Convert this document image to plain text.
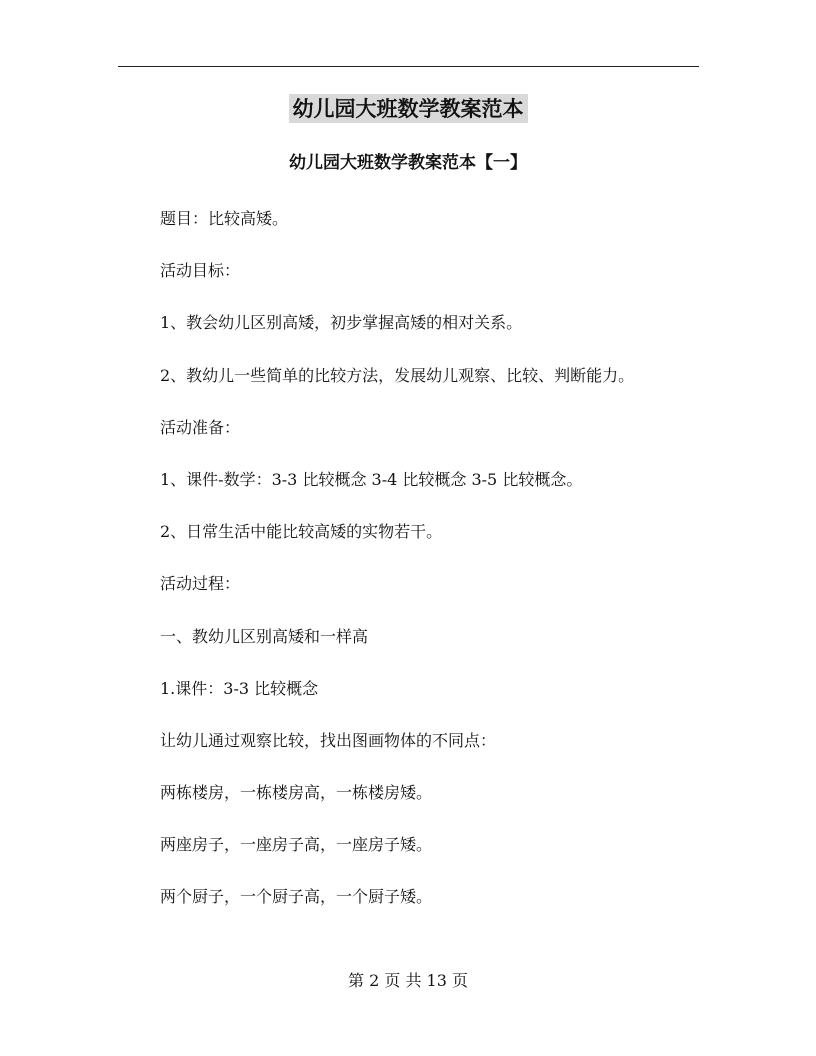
幼儿园大班数学教案范本
幼儿园大班数学教案范本【一】
题目：比较高矮。
活动目标：
1、教会幼儿区别高矮，初步掌握高矮的相对关系。
2、教幼儿一些简单的比较方法，发展幼儿观察、比较、判断能力。
活动准备：
1、课件-数学：3-3 比较概念 3-4 比较概念 3-5 比较概念。
2、日常生活中能比较高矮的实物若干。
活动过程：
一、教幼儿区别高矮和一样高
1.课件：3-3 比较概念
让幼儿通过观察比较，找出图画物体的不同点：
两栋楼房，一栋楼房高，一栋楼房矮。
两座房子，一座房子高，一座房子矮。
两个厨子，一个厨子高，一个厨子矮。
第 2 页 共 13 页
